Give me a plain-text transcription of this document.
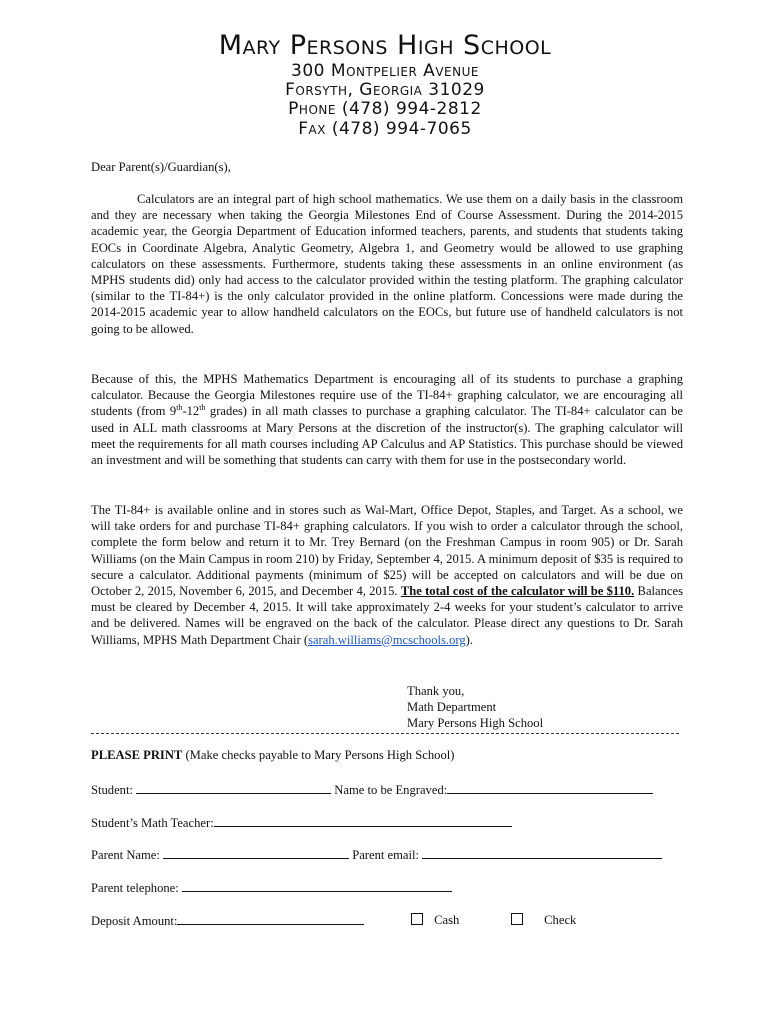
Mary Persons High School
300 Montpelier Avenue
Forsyth, Georgia 31029
Phone (478) 994-2812
Fax (478) 994-7065
Dear Parent(s)/Guardian(s),

Calculators are an integral part of high school mathematics. We use them on a daily basis in the classroom and they are necessary when taking the Georgia Milestones End of Course Assessment. During the 2014-2015 academic year, the Georgia Department of Education informed teachers, parents, and students that students taking EOCs in Coordinate Algebra, Analytic Geometry, Algebra 1, and Geometry would be allowed to use graphing calculators on these assessments. Furthermore, students taking these assessments in an online environment (as MPHS students did) only had access to the calculator provided within the testing platform. The graphing calculator (similar to the TI-84+) is the only calculator provided in the online platform. Concessions were made during the 2014-2015 academic year to allow handheld calculators on the EOCs, but future use of handheld calculators is not going to be allowed.

Because of this, the MPHS Mathematics Department is encouraging all of its students to purchase a graphing calculator. Because the Georgia Milestones require use of the TI-84+ graphing calculator, we are encouraging all students (from 9th-12th grades) in all math classes to purchase a graphing calculator. The TI-84+ calculator can be used in ALL math classrooms at Mary Persons at the discretion of the instructor(s). The graphing calculator will meet the requirements for all math courses including AP Calculus and AP Statistics. This purchase should be viewed an investment and will be something that students can carry with them for use in the postsecondary world.

The TI-84+ is available online and in stores such as Wal-Mart, Office Depot, Staples, and Target. As a school, we will take orders for and purchase TI-84+ graphing calculators. If you wish to order a calculator through the school, complete the form below and return it to Mr. Trey Bernard (on the Freshman Campus in room 905) or Dr. Sarah Williams (on the Main Campus in room 210) by Friday, September 4, 2015. A minimum deposit of $35 is required to secure a calculator. Additional payments (minimum of $25) will be accepted on calculators and will be due on October 2, 2015, November 6, 2015, and December 4, 2015. The total cost of the calculator will be $110. Balances must be cleared by December 4, 2015. It will take approximately 2-4 weeks for your student’s calculator to arrive and be delivered. Names will be engraved on the back of the calculator. Please direct any questions to Dr. Sarah Williams, MPHS Math Department Chair (sarah.williams@mcschools.org).

Thank you,
Math Department
Mary Persons High School
PLEASE PRINT (Make checks payable to Mary Persons High School)
Student:	Name to be Engraved:
Student’s Math Teacher:
Parent Name:	Parent email:
Parent telephone:
Deposit Amount:	Cash	Check
